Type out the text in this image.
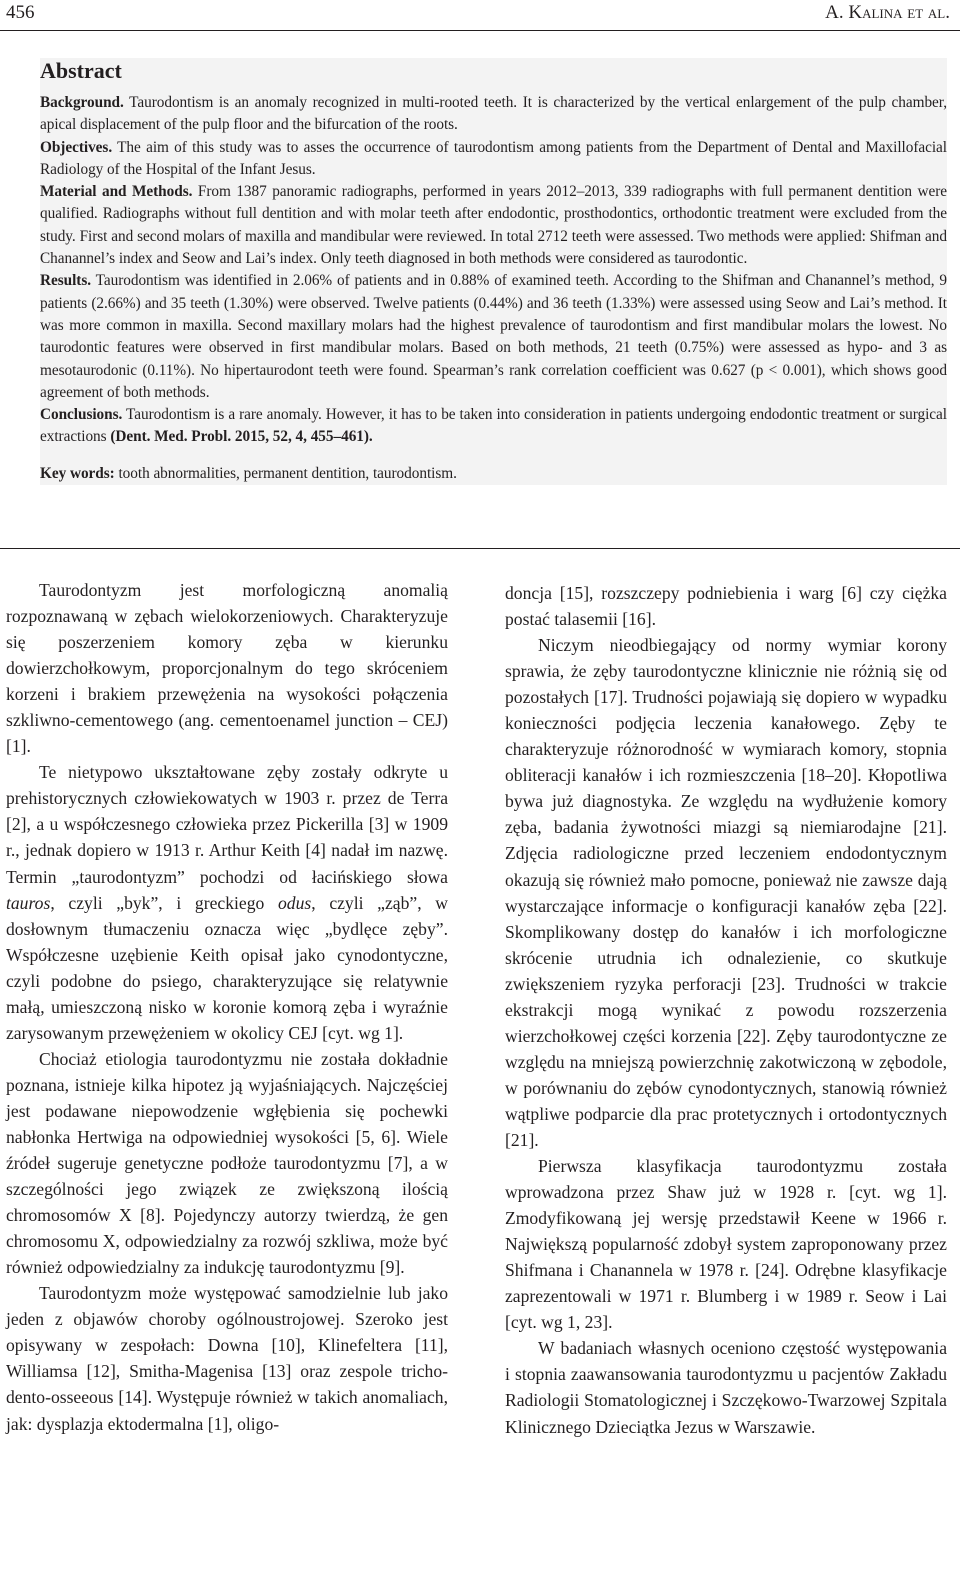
456	A. Kalina et al.
Abstract

Background. Taurodontism is an anomaly recognized in multi-rooted teeth. It is characterized by the vertical enlargement of the pulp chamber, apical displacement of the pulp floor and the bifurcation of the roots.

Objectives. The aim of this study was to asses the occurrence of taurodontism among patients from the Department of Dental and Maxillofacial Radiology of the Hospital of the Infant Jesus.

Material and Methods. From 1387 panoramic radiographs, performed in years 2012–2013, 339 radiographs with full permanent dentition were qualified. Radiographs without full dentition and with molar teeth after endodontic, prosthodontics, orthodontic treatment were excluded from the study. First and second molars of maxilla and mandibular were reviewed. In total 2712 teeth were assessed. Two methods were applied: Shifman and Chanannel’s index and Seow and Lai’s index. Only teeth diagnosed in both methods were considered as taurodontic.

Results. Taurodontism was identified in 2.06% of patients and in 0.88% of examined teeth. According to the Shifman and Chanannel’s method, 9 patients (2.66%) and 35 teeth (1.30%) were observed. Twelve patients (0.44%) and 36 teeth (1.33%) were assessed using Seow and Lai’s method. It was more common in maxilla. Second maxillary molars had the highest prevalence of taurodontism and first mandibular molars the lowest. No taurodontic features were observed in first mandibular molars. Based on both methods, 21 teeth (0.75%) were assessed as hypo- and 3 as mesotaurodonic (0.11%). No hipertaurodont teeth were found. Spearman’s rank correlation coefficient was 0.627 (p < 0.001), which shows good agreement of both methods.

Conclusions. Taurodontism is a rare anomaly. However, it has to be taken into consideration in patients undergoing endodontic treatment or surgical extractions (Dent. Med. Probl. 2015, 52, 4, 455–461).

Key words: tooth abnormalities, permanent dentition, taurodontism.

Taurodontyzm jest morfologiczną anomalią rozpoznawaną w zębach wielokorzeniowych. Charakteryzuje się poszerzeniem komory zęba w kierunku dowierzchołkowym, proporcjonalnym do tego skróceniem korzeni i brakiem przewężenia na wysokości połączenia szkliwno-cementowego (ang. cementoenamel junction – CEJ) [1].

Te nietypowo ukształtowane zęby zostały odkryte u prehistorycznych człowiekowatych w 1903 r. przez de Terra [2], a u współczesnego człowieka przez Pickerilla [3] w 1909 r., jednak dopiero w 1913 r. Arthur Keith [4] nadał im nazwę. Termin „taurodontyzm” pochodzi od łacińskiego słowa tauros, czyli „byk”, i greckiego odus, czyli „ząb”, w dosłownym tłumaczeniu oznacza więc „bydlęce zęby”. Współczesne uzębienie Keith opisał jako cynodontyczne, czyli podobne do psiego, charakteryzujące się relatywnie małą, umieszczoną nisko w koronie komorą zęba i wyraźnie zarysowanym przewężeniem w okolicy CEJ [cyt. wg 1].

Chociaż etiologia taurodontyzmu nie została dokładnie poznana, istnieje kilka hipotez ją wyjaśniających. Najczęściej jest podawane niepowodzenie wgłębienia się pochewki nabłonka Hertwiga na odpowiedniej wysokości [5, 6]. Wiele źródeł sugeruje genetyczne podłoże taurodontyzmu [7], a w szczególności jego związek ze zwiększoną ilością chromosomów X [8]. Pojedynczy autorzy twierdzą, że gen chromosomu X, odpowiedzialny za rozwój szkliwa, może być również odpowiedzialny za indukcję taurodontyzmu [9].

Taurodontyzm może występować samodzielnie lub jako jeden z objawów choroby ogólnoustrojowej. Szeroko jest opisywany w zespołach: Downa [10], Klinefeltera [11], Williamsa [12], Smitha-Magenisa [13] oraz zespole tricho-dento-osseeous [14]. Występuje również w takich anomaliach, jak: dysplazja ektodermalna [1], oligo-

doncja [15], rozszczepy podniebienia i warg [6] czy ciężka postać talasemii [16].

Niczym nieodbiegający od normy wymiar korony sprawia, że zęby taurodontyczne klinicznie nie różnią się od pozostałych [17]. Trudności pojawiają się dopiero w wypadku konieczności podjęcia leczenia kanałowego. Zęby te charakteryzuje różnorodność w wymiarach komory, stopnia obliteracji kanałów i ich rozmieszczenia [18–20]. Kłopotliwa bywa już diagnostyka. Ze względu na wydłużenie komory zęba, badania żywotności miazgi są niemiarodajne [21]. Zdjęcia radiologiczne przed leczeniem endodontycznym okazują się również mało pomocne, ponieważ nie zawsze dają wystarczające informacje o konfiguracji kanałów zęba [22]. Skomplikowany dostęp do kanałów i ich morfologiczne skrócenie utrudnia ich odnalezienie, co skutkuje zwiększeniem ryzyka perforacji [23]. Trudności w trakcie ekstrakcji mogą wynikać z powodu rozszerzenia wierzchołkowej części korzenia [22]. Zęby taurodontyczne ze względu na mniejszą powierzchnię zakotwiczoną w zębodole, w porównaniu do zębów cynodontycznych, stanowią również wątpliwe podparcie dla prac protetycznych i ortodontycznych [21].

Pierwsza klasyfikacja taurodontyzmu została wprowadzona przez Shaw już w 1928 r. [cyt. wg 1]. Zmodyfikowaną jej wersję przedstawił Keene w 1966 r. Największą popularność zdobył system zaproponowany przez Shifmana i Chanannela w 1978 r. [24]. Odrębne klasyfikacje zaprezentowali w 1971 r. Blumberg i w 1989 r. Seow i Lai [cyt. wg 1, 23].

W badaniach własnych oceniono częstość występowania i stopnia zaawansowania taurodontyzmu u pacjentów Zakładu Radiologii Stomatologicznej i Szczękowo-Twarzowej Szpitala Klinicznego Dzieciątka Jezus w Warszawie.
